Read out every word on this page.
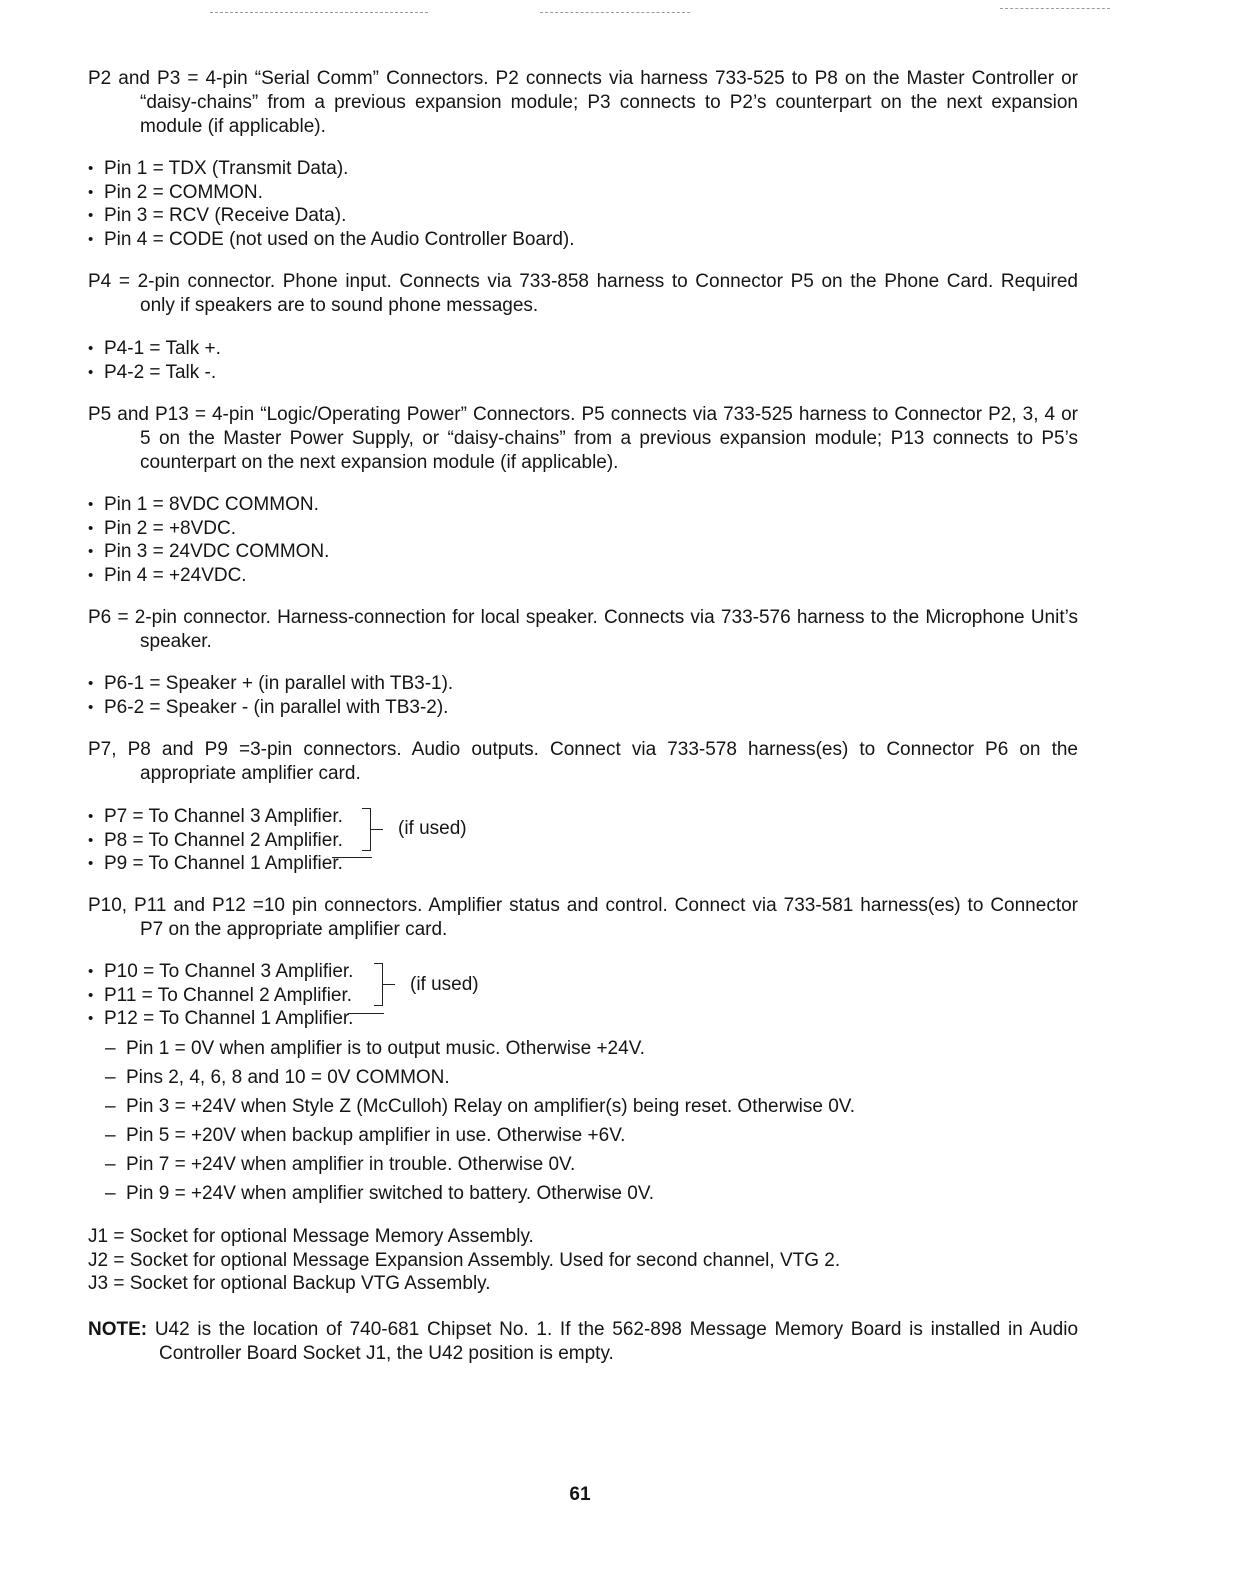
P2 and P3 = 4-pin “Serial Comm” Connectors. P2 connects via harness 733-525 to P8 on the Master Controller or “daisy-chains” from a previous expansion module; P3 connects to P2’s counterpart on the next expansion module (if applicable).

• Pin 1 = TDX (Transmit Data).
• Pin 2 = COMMON.
• Pin 3 = RCV (Receive Data).
• Pin 4 = CODE (not used on the Audio Controller Board).

P4 = 2-pin connector. Phone input. Connects via 733-858 harness to Connector P5 on the Phone Card. Required only if speakers are to sound phone messages.

• P4-1 = Talk +.
• P4-2 = Talk -.

P5 and P13 = 4-pin “Logic/Operating Power” Connectors. P5 connects via 733-525 harness to Connector P2, 3, 4 or 5 on the Master Power Supply, or “daisy-chains” from a previous expansion module; P13 connects to P5’s counterpart on the next expansion module (if applicable).

• Pin 1 = 8VDC COMMON.
• Pin 2 = +8VDC.
• Pin 3 = 24VDC COMMON.
• Pin 4 = +24VDC.

P6 = 2-pin connector. Harness-connection for local speaker. Connects via 733-576 harness to the Microphone Unit’s speaker.

• P6-1 = Speaker + (in parallel with TB3-1).
• P6-2 = Speaker - (in parallel with TB3-2).

P7, P8 and P9 =3-pin connectors. Audio outputs. Connect via 733-578 harness(es) to Connector P6 on the appropriate amplifier card.

• P7 = To Channel 3 Amplifier.
• P8 = To Channel 2 Amplifier.
• P9 = To Channel 1 Amplifier.
(if used)

P10, P11 and P12 =10 pin connectors. Amplifier status and control. Connect via 733-581 harness(es) to Connector P7 on the appropriate amplifier card.

• P10 = To Channel 3 Amplifier.
• P11 = To Channel 2 Amplifier.
• P12 = To Channel 1 Amplifier.
(if used)
– Pin 1 = 0V when amplifier is to output music. Otherwise +24V.
– Pins 2, 4, 6, 8 and 10 = 0V COMMON.
– Pin 3 = +24V when Style Z (McCulloh) Relay on amplifier(s) being reset. Otherwise 0V.
– Pin 5 = +20V when backup amplifier in use. Otherwise +6V.
– Pin 7 = +24V when amplifier in trouble. Otherwise 0V.
– Pin 9 = +24V when amplifier switched to battery. Otherwise 0V.
J1 = Socket for optional Message Memory Assembly.
J2 = Socket for optional Message Expansion Assembly. Used for second channel, VTG 2.
J3 = Socket for optional Backup VTG Assembly.

NOTE: U42 is the location of 740-681 Chipset No. 1. If the 562-898 Message Memory Board is installed in Audio Controller Board Socket J1, the U42 position is empty.

61
